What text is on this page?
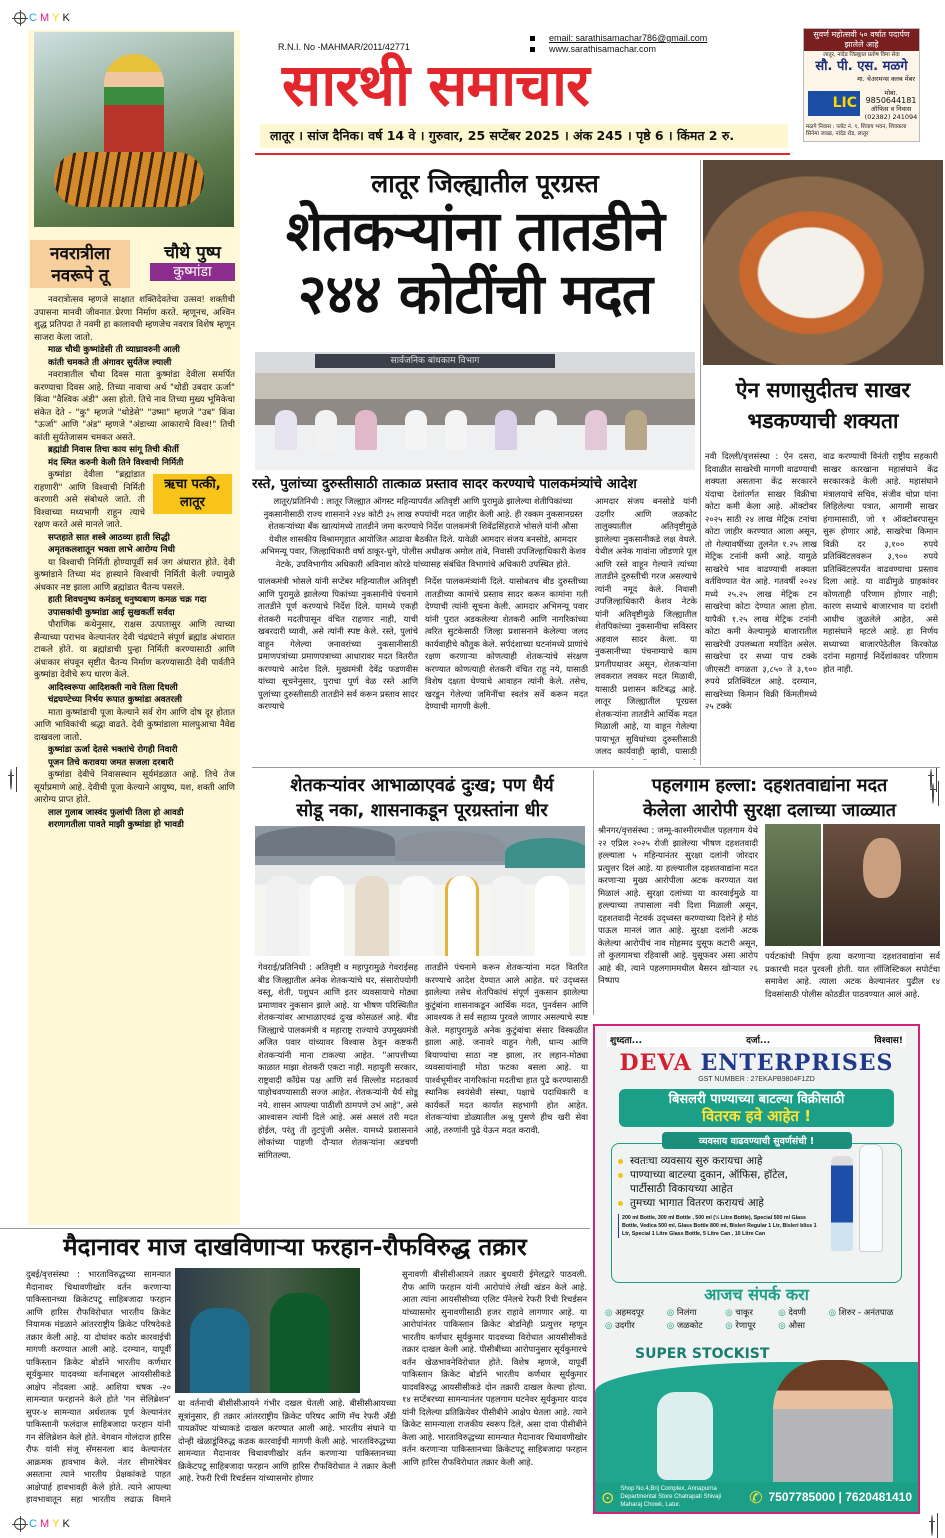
C M Y K
C M Y K
नवरात्रीला
नवरूपे तू
चौथे पुष्प
कुष्मांडा

नवरात्रोत्सव म्हणजे साक्षात शक्तिदेवतेचा उत्सव! शक्तीची उपासना मानवी जीवनात प्रेरणा निर्माण करते. म्हणूनच, अश्विन शुद्ध प्रतिपदा ते नवमी हा कालावधी म्हणजेच नवरात्र विशेष म्हणून साजरा केला जातो.

माळ चौथी कुष्मांडेसी ती व्याघ्रावरुनी आली

कांती चमकते ती अंगावर सुर्यतेज ल्याली

नवरात्रातील चौथा दिवस माता कुष्मांडा देवीला समर्पित करण्याचा दिवस आहे. तिच्या नावाचा अर्थ "थोडी उबदार ऊर्जा" किंवा "वैश्विक अंडी" असा होतो. तिचे नाव तिच्या मुख्य भूमिकेचा संकेत देते - "कु" म्हणजे "थोडेसे" "उष्मा" म्हणजे "उब" किंवा "ऊर्जा" आणि "अंड" म्हणजे "अंडाच्या आकाराचे विश्व!" तिची कांती सुर्यतेजासम चमकत असते.

ब्रह्मांडी निवास तिचा काय सांगू तिची कीर्ती

मंद स्मित करुनी केली तिने विश्वाची निर्मिती

कुष्मांडा देवीला "ब्रह्मांडात राहणारी" आणि विश्वाची निर्मिती करणारी असे संबोधले जाते. ती विश्वाच्या मध्यभागी राहून त्याचे रक्षण करते असे मानले जाते.

सप्तहाते सात शस्त्रे आठव्या हाती सिद्धी

अमृतकलशातून भक्ता लाभे आरोग्य निधी

या विश्वाची निर्मिती होण्यापूर्वी सर्व जग अंधारात होते. देवी कुष्मांडाने तिच्या मंद हास्याने विश्वाची निर्मिती केली ज्यामुळे अंधकार नष्ट झाला आणि ब्रह्मांडात चैतन्य पसरले.

हाती शिवधनुष्य कमंडलू धनुष्यबाण कमळ चक्र गदा

उपासकांची कुष्मांडा आई सुखकर्ती सर्वदा

पौराणिक कथेनुसार, राक्षस उत्पातासुर आणि त्याच्या सैन्याच्या पराभव केल्यानंतर देवी चंद्रघंटाने संपूर्ण ब्रह्मांड अंधारात टाकले होते. या ब्रह्मांडाची पुन्हा निर्मिती करण्यासाठी आणि अंधःकार संपवून सृष्टीत चैतन्य निर्माण करण्यासाठी देवी पार्वतीने कुष्मांडा देवीचे रूप धारण केले.

आदिस्वरूपा आदिशक्ती नावे तिला दिधली

चंद्रघण्टेच्या निर्भय रूपात कुष्मांडा अवतरली

माता कुष्मांडाची पूजा केल्याने सर्व रोग आणि दोष दूर होतात आणि भाविकांची श्रद्धा वाढते. देवी कुष्मांडाला मालपुआचा नैवेद्य दाखवला जातो.

कुष्मांडा ऊर्जा देतसे भक्तांचे रोगही निवारी

पूजन तिचे करावया जमत सजला दरबारी

कुष्मांडा देवीचे निवासस्थान सूर्यमंडळात आहे. तिचे तेज सूर्याप्रमाणे आहे. देवीची पूजा केल्याने आयुष्य, यश, शक्ती आणि आरोग्य प्राप्त होते.

लाल गुलाब जास्वंद फुलांची तिला हो आवडी

शरणागतीला पावते माझी कुष्मांडा हो भावडी

ऋचा पत्की,
लातूर
R.N.I. No -MAHMAR/2011/42771
email: sarathisamachar786@gmail.com
www.sarathisamachar.com
सारथी समाचार
लातूर । सांज दैनिक। वर्ष 14 वे । गुरुवार, 25 सप्टेंबर 2025 । अंक 245 । पृष्ठे 6 । किंमत 2 रु.
सुवर्ण महोत्सवी ५० वर्षात पदार्पण झालेले आहे
लातूर, नांदेड जिल्ह्यात प्रतोष विमा सेवा
सौ. पी. एस. मळगे
मा. चेअरमन्स क्लब मेंबर
LIC
मोबा.
9850644181
ऑफिस व निवास
(02382) 241094
मळगे निवास : प्लॉट नं. ९, शिवाय भवन, शिवकला सिनेमा जवळ, नांदेड रोड, लातूर
लातूर जिल्ह्यातील पूरग्रस्त
शेतकऱ्यांना तातडीने
२४४ कोटींची मदत
सार्वजनिक बांधकाम विभाग
रस्ते, पुलांच्या दुरुस्तीसाठी तात्काळ प्रस्ताव सादर करण्याचे पालकमंत्र्यांचे आदेश
लातूर/प्रतिनिधी : लातूर जिल्ह्यात ऑगस्ट महिन्यापर्यंत अतिवृष्टी आणि पुरामुळे झालेल्या शेतीपिकांच्या नुकसानीसाठी राज्य शासनाने २४४ कोटी ३५ लाख रुपयांची मदत जाहीर केली आहे. ही रक्कम नुकसानग्रस्त शेतकऱ्यांच्या बँक खात्यांमध्ये तातडीने जमा करण्याचे निर्देश पालकमंत्री शिवेंद्रसिंहराजे भोसले यांनी औसा येथील शासकीय विश्रामगृहात आयोजित आढावा बैठकीत दिले. यावेळी आमदार संजय बनसोडे, आमदार अभिमन्यू पवार, जिल्हाधिकारी वर्षा ठाकूर-घुगे, पोलीस अधीक्षक अमोल तांबे, निवासी उपजिल्हाधिकारी केशव नेटके, उपविभागीय अधिकारी अविनाश कोरडे यांच्यासह संबंधित विभागांचे अधिकारी उपस्थित होते.
पालकमंत्री भोसले यांनी सप्टेंबर महिन्यातील अतिवृष्टी आणि पुरामुळे झालेल्या पिकांच्या नुकसानीचे पंचनामे तातडीने पूर्ण करण्याचे निर्देश दिले. यामध्ये एकही शेतकरी मदतीपासून वंचित राहणार नाही, याची खबरदारी घ्यावी, असे त्यांनी स्पष्ट केले. रस्ते, पुलांचे वाहून गेलेल्या जनावरांच्या नुकसानीसाठी प्रमाणपत्रांच्या प्रमाणपत्राच्या आधारावर मदत वितरीत करण्याचे आदेश दिले. मुख्यमंत्री देवेंद्र फडणवीस यांच्या सूचनेनुसार, पुराचा पूर्ण वेळ रस्ते आणि पुलांच्या दुरुस्तीसाठी तातडीने सर्व करून प्रस्ताव सादर करण्याचे
निर्देश पालकमंत्र्यांनी दिले. यासोबतच बीड दुरुस्तीच्या तातडीच्या कामांचे प्रस्ताव सादर करून कामांना गती देण्याची त्यांनी सूचना केली. आमदार अभिमन्यू पवार यांनी पुरात अडकलेल्या शेतकरी आणि नागरिकांच्या त्वरित सुटकेसाठी जिल्हा प्रशासनाने केलेल्या जलद कार्यवाहीचे कौतुक केले. सर्पदंशाच्या घटनांमध्ये प्राणांचे रक्षण करणाऱ्या कोणत्याही शेतकऱ्यांचे संरक्षण करण्यात कोणत्याही शेतकरी वंचित राहू नये, यासाठी विशेष दक्षता घेण्याचे आवाहन त्यांनी केले. तसेच, खरडून गेलेल्या जमिनींचा स्वतंत्र सर्वे करून मदत देण्याची मागणी केली.
आमदार संजय बनसोडे यांनी उदगीर आणि जळकोट तालुक्यातील अतिवृष्टीमुळे झालेल्या नुकसानीकडे लक्ष वेधले. येथील अनेक गावांना जोडणारे पूल आणि रस्ते वाहून गेल्याने त्यांच्या तातडीने दुरुस्तीची गरज असल्याचे त्यांनी नमूद केले. निवासी उपजिल्हाधिकारी केशव नेटके यांनी अतिवृष्टीमुळे जिल्ह्यातील शेतपिकांच्या नुकसानीचा सविस्तर अहवाल सादर केला. या नुकसानीच्या पंचनाम्याचे काम प्रगतीपथावर असून, शेतकऱ्यांना लवकरात लवकर मदत मिळावी, यासाठी प्रशासन कटिबद्ध आहे. लातूर जिल्ह्यातील पूरग्रस्त शेतकऱ्यांना तातडीने आर्थिक मदत मिळाली आहे, या वाहून गेलेल्या पायाभूत सुविधांच्या दुरुस्तीसाठी जलद कार्यवाही व्हावी, यासाठी
ऐन सणासुदीतच साखर
भडकण्याची शक्यता
नवी दिल्ली/वृत्तसंस्था : ऐन दसरा, दिवाळीत साखरेची मागणी वाढण्याची शक्यता असताना केंद्र सरकारने यंदाचा देशांतर्गत साखर विक्रीचा कोटा कमी केला आहे. ऑक्टोबर २०२५ साठी २४ लाख मेट्रिक टनांचा कोटा जाहीर करण्यात आला असून, तो गेल्यावर्षीच्या तुलनेत १.२५ लाख मेट्रिक टनांनी कमी आहे. यामुळे साखरेचे भाव वाढण्याची शक्यता वर्तविण्यात येत आहे. गतवर्षी २०२४ मध्ये २५.२५ लाख मेट्रिक टन साखरेचा कोटा देण्यात आला होता. यापैकी १.२५ लाख मेट्रिक टनांनी कोटा कमी केल्यामुळे बाजारातील साखरेची उपलब्धता मर्यादित असेल. साखरेचा दर सध्या पाच टक्के जीएसटी वगळता ३,८५० ते ३,९०० रुपये प्रतिक्विंटल आहे. दरम्यान, साखरेच्या किमान विक्री किंमतीमध्ये २५ टक्के
वाढ करण्याची विनंती राष्ट्रीय सहकारी साखर कारखाना महासंघाने केंद्र सरकारकडे केली आहे. महासंघाने मंत्रालयाचे सचिव, संजीव चोप्रा यांना लिहिलेल्या पत्रात, आगामी साखर हंगामासाठी, जो १ ऑक्टोबरपासून सुरू होणार आहे, साखरेचा किमान विक्री दर ३,१०० रुपये प्रतिक्विंटलवरून ३,९०० रुपये प्रतिक्विंटलपर्यंत वाढवण्याचा प्रस्ताव दिला आहे. या वाढीमुळे ग्राहकांवर कोणताही परिणाम होणार नाही; कारण सध्याचे बाजारभाव या दरांशी आधीच जुळलेले आहेत, असे महासंघाने म्हटले आहे. हा निर्णय सध्याच्या बाजारपेठेतील किरकोळ दरांना महागाई निर्देशांकावर परिणाम होत नाही.
शेतकऱ्यांवर आभाळाएवढं दुःख; पण धैर्य
सोडू नका, शासनाकडून पूरग्रस्तांना धीर
गेवराई/प्रतिनिधी : अतिवृष्टी व महापुरामुळे गेवराईसह बीड जिल्ह्यातील अनेक शेतकऱ्यांचे घर, संसारोपयोगी वस्तू, शेती, पशुधन आणि इतर व्यवसायाचे मोठ्या प्रमाणावर नुकसान झाले आहे. या भीषण परिस्थितीत शेतकऱ्यांवर आभाळाएवढं दुःख कोसळलं आहे. बीड जिल्ह्याचे पालकमंत्री व महाराष्ट्र राज्याचे उपमुख्यमंत्री अजित पवार यांच्यावर विश्वास ठेवून कष्टकरी शेतकऱ्यांनी माना टाकल्या आहेत. "आपत्तीच्या काळात माझा शेतकरी एकटा नाही. महायुती सरकार, राष्ट्रवादी काँग्रेस पक्ष आणि सर्व सिल्लोड मदतकार्य पाहोचवण्यासाठी सज्ज आहेत. शेतकऱ्यांनी धैर्य सोडू नये. शासन आपल्या पाठीशी ठामपणे उभं आहे", असे आश्वासन त्यांनी दिले आहे. असं असलं तरी मदत होईल, परंतु ती तुटपुंजी असेल. यामध्ये प्रशासनाने लोकांच्या पाहणी दौऱ्यात शेतकऱ्यांना अडचणी सांगितल्या.
तातडीने पंचनामे करून शेतकऱ्यांना मदत वितरित करण्याचे आदेश देण्यात आले आहेत. घरं उद्ध्वस्त झालेल्या तसेच शेतपिकांचं संपूर्ण नुकसान झालेल्या कुटुंबांना शासनाकडून आर्थिक मदत, पुनर्वसन आणि आवश्यक ते सर्व सहाय्य पुरवले जाणार असल्याचे स्पष्ट केले. महापुरामुळे अनेक कुटुंबांचा संसार विस्कळीत झाला आहे. जनावरे वाहून गेली, धान्य आणि बियाण्यांचा साठा नष्ट झाला, तर लहान-मोठ्या व्यवसायांनाही मोठा फटका बसला आहे. या पार्श्वभूमीवर नागरिकांना मदतीचा हात पुढे करण्यासाठी स्थानिक स्वयंसेवी संस्था, पक्षाचे पदाधिकारी व कार्यकर्ते मदत कार्यात सहभागी होत आहेत. शेतकऱ्यांचा डोळ्यातील अश्रू पुसणे हीच खरी सेवा आहे, तरुणांनी पुढे येऊन मदत करावी.
पहलगाम हल्ला: दहशतवाद्यांना मदत
केलेला आरोपी सुरक्षा दलाच्या जाळ्यात
श्रीनगर/वृत्तसंस्था : जम्मू-काश्मीरमधील पहलगाम येथे २२ एप्रिल २०२५ रोजी झालेल्या भीषण दहशतवादी हल्ल्याला ५ महिन्यानंतर सुरक्षा दलांनी जोरदार प्रत्युत्तर दिलं आहे. या हल्ल्यातील दहशतवाद्यांना मदत करणाऱ्या मुख्य आरोपीला अटक करण्यात यश मिळालं आहे. सुरक्षा दलांच्या या कारवाईमुळे या हल्ल्याच्या तपासाला नवी दिशा मिळाली असून, दहशतवादी नेटवर्क उद्ध्वस्त करण्याच्या दिशेने हे मोठं पाऊल मानलं जात आहे. सुरक्षा दलांनी अटक केलेल्या आरोपीचं नाव मोहम्मद युसूफ कटारी असून, तो कुलगामचा रहिवासी आहे. युसूफवर असा आरोप आहे की, त्याने पहलगाममधील बैसरन खोऱ्यात २६ निष्पाप
पर्यटकांची निर्घृण हत्या करणाऱ्या दहशतवाद्यांना सर्व प्रकारची मदत पुरवली होती. यात लॉजिस्टिकल सपोर्टचा समावेश आहे. त्याला अटक केल्यानंतर पुढील १४ दिवसांसाठी पोलीस कोठडीत पाठवण्यात आलं आहे.
शुध्दता...	दर्जा...	विश्वास!
DEVA ENTERPRISES
GST NUMBER : 27EKAPB9804F1ZD
बिसलरी पाण्याच्या बाटल्या विक्रीसाठी
वितरक हवे आहेत !
व्यवसाय वाढवण्याची सुवर्णसंधी !
स्वतःचा व्यवसाय सुरु करायचा आहे
पाण्याच्या बाटल्या दुकान, ऑफिस, हॉटेल, पार्टीसाठी विकायच्या आहेत
तुमच्या भागात वितरण करायचं आहे
200 ml Bottle, 300 ml Bottle , 500 ml (½ Litre Bottle), Special 500 ml Glass Bottle, Vedica 500 ml, Glass Bottle 800 ml, Bisleri Regular 1 Ltr, Bisleri bliss 1 Ltr, Special 1 Litre Glass Bottle, 5 Litre Can , 10 Litre Can
आजच संपर्क करा
◎ अहमदपूर	◎ निलंगा	◎ चाकूर	◎ देवणी	◎ शिरुर - अनंतपाळ
◎ उदगीर	◎ जळकोट	◎ रेणापूर	◎ औसा
SUPER STOCKIST
⊙ Shop No.4,Brij Complex, Annapurna Departmental Store Chatrapati Shivaji Maharaj Chowk, Latur.	✆ 7507785000 | 7620481410
मैदानावर माज दाखविणाऱ्या फरहान-रौफविरुद्ध तक्रार
दुबई/वृत्तसंस्था : भारताविरुद्धच्या सामन्यात मैदानावर चिथावणीखोर वर्तन करणाऱ्या पाकिस्तानच्या क्रिकेटपटू साहिबजादा फरहान आणि हारिस रौफविरोधात भारतीय क्रिकेट नियामक मंडळाने आंतरराष्ट्रीय क्रिकेट परिषदेकडे तक्रार केली आहे. या दोघांवर कठोर कारवाईची मागणी करण्यात आली आहे. दरम्यान, यापूर्वी पाकिस्तान क्रिकेट बोर्डाने भारतीय कर्णधार सूर्यकुमार यादवच्या वर्तनाबद्दल आयसीसीकडे आक्षेप नोंदवला आहे. आशिया चषक -२० सामन्यात फरहानने केले होते 'गन सेलिब्रेशन' सुपर-४ सामन्यात अर्धशतक पूर्ण केल्यानंतर पाकिस्तानी फलंदाज साहिबजादा फरहान यांनी गन सेलिब्रेशन केले होते. वेगवान गोलंदाज हारिस रौफ यांनी संजू सॅमसनला बाद केल्यानंतर आक्रमक हावभाव केले. नंतर सीमारेषेवर असताना त्याने भारतीय प्रेक्षकांकडे पाहत आक्षेपार्ह हावभावही केले होते. त्याने आपल्या हावभावातून सहा भारतीय लढाऊ विमाने
या वर्तनाची बीसीसीआयने गंभीर दखल घेतली आहे. बीसीसीआयच्या सूत्रांनुसार, ही तक्रार आंतरराष्ट्रीय क्रिकेट परिषद आणि मॅच रेफरी ॲंडी पायक्रॉफ्ट यांच्याकडे दाखल करण्यात आली आहे. भारतीय संघाने या दोन्ही खेळाडूंविरुद्ध कडक कारवाईची मागणी केली आहे. भारतविरुद्धच्या सामन्यात मैदानावर चिथावणीखोर वर्तन करणाऱ्या पाकिस्तानच्या क्रिकेटपटू साहिबजादा फरहान आणि हारिस रौफविरोधात ने तक्रार केली आहे. रेफरी रिची रिचर्डसन यांच्यासमोर होणार
सुनावणी बीसीसीआयने तक्रार बुधवारी ईमेलद्वारे पाठवली. रौफ आणि फरहान यांनी आरोपांचे लेखी खंडन केले आहे. आता त्यांना आयसीसीच्या एलिट पॅनेलचे रेफरी रिची रिचर्डसन यांच्यासमोर सुनावणीसाठी हजर राहावे लागणार आहे. या आरोपांनंतर पाकिस्तान क्रिकेट बोर्डानेही प्रत्युत्तर म्हणून भारतीय कर्णधार सूर्यकुमार यादवच्या विरोधात आयसीसीकडे तक्रार दाखल केली आहे. पीसीबीच्या आरोपानुसार सूर्यकुमारचे वर्तन खेळभावनेविरोधात होते. विशेष म्हणजे, यापूर्वी पाकिस्तान क्रिकेट बोर्डाने भारतीय कर्णधार सूर्यकुमार यादवविरुद्ध आयसीसीकडे दोन तक्रारी दाखल केल्या होत्या. १४ सप्टेंबरच्या सामन्यानंतर पहलगाम घटनेवर सूर्यकुमार यादव यांनी दिलेल्या प्रतिक्रियेवर पीसीबीने आक्षेप घेतला आहे. त्याने क्रिकेट सामन्याला राजकीय स्वरूप दिले, असा दावा पीसीबीने केला आहे. भारताविरुद्धच्या सामन्यात मैदानावर चिथावणीखोर वर्तन करणाऱ्या पाकिस्तानच्या क्रिकेटपटू साहिबजादा फरहान आणि हारिस रौफविरोधात तक्रार केली आहे.
